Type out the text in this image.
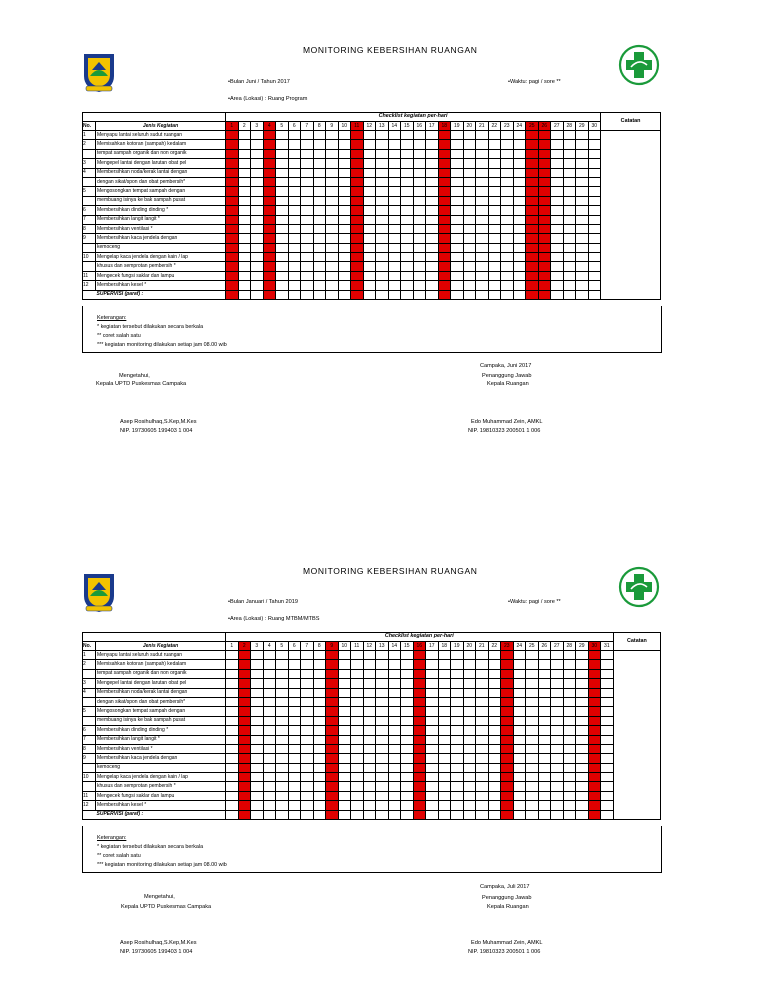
MONITORING KEBERSIHAN RUANGAN
•Bulan Juni / Tahun 2017	•Waktu: pagi / sore **
•Area (Lokasi) : Ruang Program
		Checklist kegiatan per-hari																														Catatan
No.	Jenis Kegiatan	1	2	3	4	5	6	7	8	9	10	11	12	13	14	15	16	17	18	19	20	21	22	23	24	25	26	27	28	29	30	
1	Menyapu lantai seluruh sudut ruangan																															
2	Memisahkan kotoran (sampah) kedalam																															
	tempat sampah organik dan non organik																															
3	Mengepel lantai dengan larutan obat pel																															
4	Membersihkan noda/kerak lantai dengan																															
	dengan sikat/spon dan obat pembersih*																															
5	Mengosongkan tempat sampah dengan																															
	membuang isinya ke bak sampah pusat																															
6	Membersihkan dinding dinding *																															
7	Membersihkan langit langit *																															
8	Membersihkan ventilasi *																															
9	Membersihkan kaca jendela dengan																															
	kemoceng																															
10	Mengelap kaca jendela dengan kain / lap																															
	khusus dan semprotan pembersih *																															
11	Mengecek fungsi saklar dan lampu																															
12	Membersihkan kesel *																															
	SUPERVISI (paraf) :																															
Keterangan:
* kegiatan tersebut dilakukan secara berkala
** coret salah satu
*** kegiatan monitoring dilakukan setiap jam 08.00 wib
Campaka, Juni 2017
Mengetahui,
Kepala UPTD Puskesmas Campaka
Penanggung Jawab
Kepala Ruangan
Asep Rosihulhaq,S.Kep,M.Kes
NIP. 19730605 199403 1 004
Edo Muhammad Zein, AMKL
NIP. 19810323 200501 1 006
MONITORING KEBERSIHAN RUANGAN
•Bulan Januari / Tahun 2019	•Waktu: pagi / sore **
•Area (Lokasi) : Ruang MTBM/MTBS
		Checklist kegiatan per-hari																															Catatan
No.	Jenis Kegiatan	1	2	3	4	5	6	7	8	9	10	11	12	13	14	15	16	17	18	19	20	21	22	23	24	25	26	27	28	29	30	31	
1	Menyapu lantai seluruh sudut ruangan																																
2	Memisahkan kotoran (sampah) kedalam																																
	tempat sampah organik dan non organik																																
3	Mengepel lantai dengan larutan obat pel																																
4	Membersihkan noda/kerak lantai dengan																																
	dengan sikat/spon dan obat pembersih*																																
5	Mengosongkan tempat sampah dengan																																
	membuang isinya ke bak sampah pusat																																
6	Membersihkan dinding dinding *																																
7	Membersihkan langit langit *																																
8	Membersihkan ventilasi *																																
9	Membersihkan kaca jendela dengan																																
	kemoceng																																
10	Mengelap kaca jendela dengan kain / lap																																
	khusus dan semprotan pembersih *																																
11	Mengecek fungsi saklar dan lampu																																
12	Membersihkan kesel *																																
	SUPERVISI (paraf) :																																
Keterangan:
* kegiatan tersebut dilakukan secara berkala
** coret salah satu
*** kegiatan monitoring dilakukan setiap jam 08.00 wib
Campaka, Juli 2017
Mengetahui,
Kepala UPTD Puskesmas Campaka
Penanggung Jawab
Kepala Ruangan
Asep Rosihulhaq,S.Kep,M.Kes
NIP. 19730605 199403 1 004
Edo Muhammad Zein, AMKL
NIP. 19810323 200501 1 006
